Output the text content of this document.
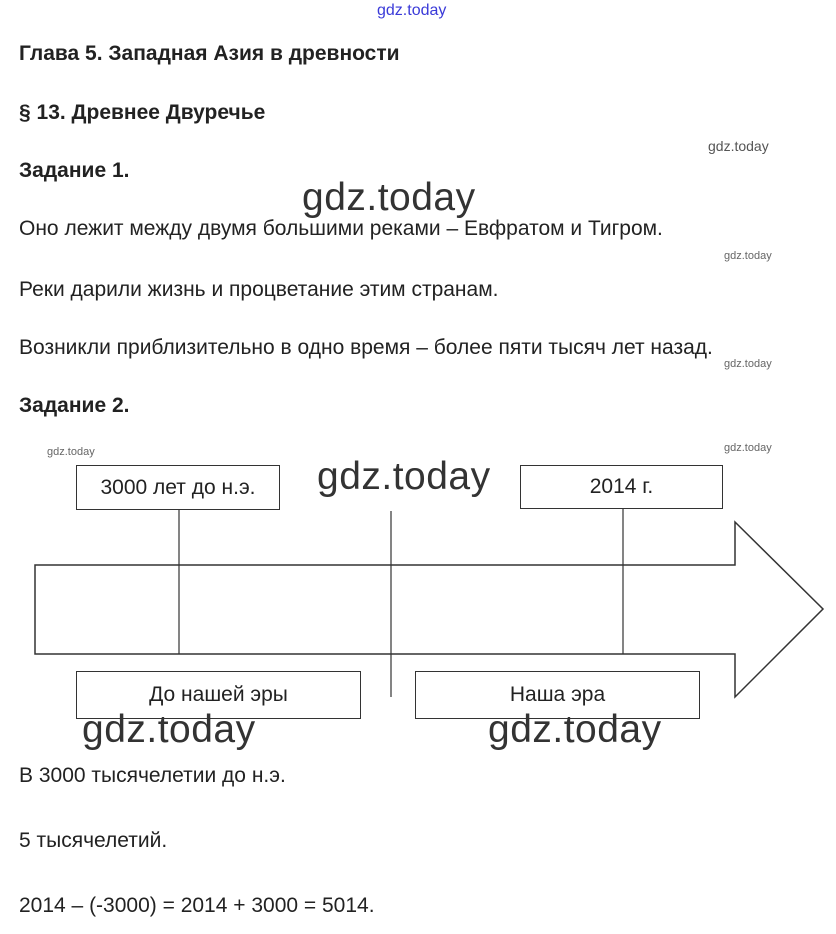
gdz.today
gdz.today
gdz.today
gdz.today
gdz.today
gdz.today	gdz.today
Глава 5. Западная Азия в древности
§ 13. Древнее Двуречье
Задание 1.
Оно лежит между двумя большими реками – Евфратом и Тигром.
Реки дарили жизнь и процветание этим странам.
Возникли приблизительно в одно время – более пяти тысяч лет назад.
Задание 2.
3000 лет до н.э.	2014 г.
До нашей эры	Наша эра
gdz.today
gdz.today	gdz.today
В 3000 тысячелетии до н.э.
5 тысячелетий.
2014 – (-3000) = 2014 + 3000 = 5014.
